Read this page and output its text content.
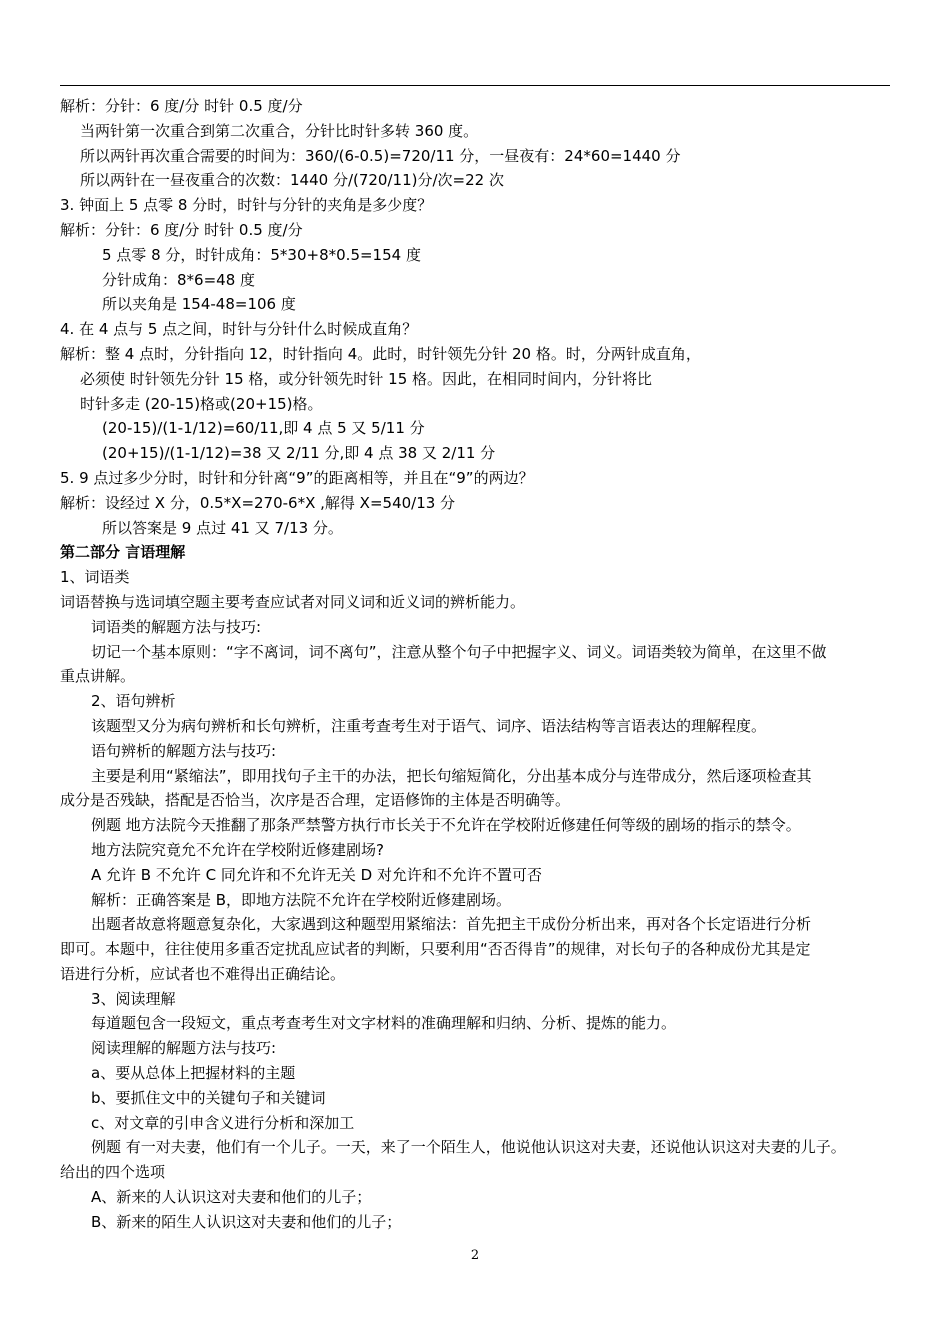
解析：分针：6 度/分 时针 0.5 度/分
当两针第一次重合到第二次重合，分针比时针多转 360 度。
所以两针再次重合需要的时间为：360/(6-0.5)=720/11 分，一昼夜有：24*60=1440 分
所以两针在一昼夜重合的次数：1440 分/(720/11)分/次=22 次
3. 钟面上 5 点零 8 分时，时针与分针的夹角是多少度？
解析：分针：6 度/分 时针 0.5 度/分
5 点零 8 分，时针成角：5*30+8*0.5=154 度
分针成角：8*6=48 度
所以夹角是 154-48=106 度
4. 在 4 点与 5 点之间，时针与分针什么时候成直角？
解析：整 4 点时，分针指向 12，时针指向 4。此时，时针领先分针 20 格。时，分两针成直角，
必须使 时针领先分针 15 格，或分针领先时针 15 格。因此，在相同时间内，分针将比
时针多走 (20-15)格或(20+15)格。
(20-15)/(1-1/12)=60/11,即 4 点 5 又 5/11 分
(20+15)/(1-1/12)=38 又 2/11 分,即 4 点 38 又 2/11 分
5. 9 点过多少分时，时针和分针离“9”的距离相等，并且在“9”的两边？
解析：设经过 X 分，0.5*X=270-6*X ,解得 X=540/13 分
所以答案是 9 点过 41 又 7/13 分。
第二部分 言语理解
1、词语类
词语替换与选词填空题主要考查应试者对同义词和近义词的辨析能力。
词语类的解题方法与技巧:
切记一个基本原则：“字不离词，词不离句”，注意从整个句子中把握字义、词义。词语类较为简单，在这里不做
重点讲解。
2、语句辨析
该题型又分为病句辨析和长句辨析，注重考查考生对于语气、词序、语法结构等言语表达的理解程度。
语句辨析的解题方法与技巧:
主要是利用“紧缩法”，即用找句子主干的办法，把长句缩短简化，分出基本成分与连带成分，然后逐项检查其
成分是否残缺，搭配是否恰当，次序是否合理，定语修饰的主体是否明确等。
例题 地方法院今天推翻了那条严禁警方执行市长关于不允许在学校附近修建任何等级的剧场的指示的禁令。
地方法院究竟允不允许在学校附近修建剧场?
A 允许 B 不允许 C 同允许和不允许无关 D 对允许和不允许不置可否
解析：正确答案是 B，即地方法院不允许在学校附近修建剧场。
出题者故意将题意复杂化，大家遇到这种题型用紧缩法：首先把主干成份分析出来，再对各个长定语进行分析
即可。本题中，往往使用多重否定扰乱应试者的判断，只要利用“否否得肯”的规律，对长句子的各种成份尤其是定
语进行分析，应试者也不难得出正确结论。
3、阅读理解
每道题包含一段短文，重点考查考生对文字材料的准确理解和归纳、分析、提炼的能力。
阅读理解的解题方法与技巧:
a、要从总体上把握材料的主题
b、要抓住文中的关键句子和关键词
c、对文章的引申含义进行分析和深加工
例题 有一对夫妻，他们有一个儿子。一天，来了一个陌生人，他说他认识这对夫妻，还说他认识这对夫妻的儿子。
给出的四个选项
A、新来的人认识这对夫妻和他们的儿子；
B、新来的陌生人认识这对夫妻和他们的儿子；
2
